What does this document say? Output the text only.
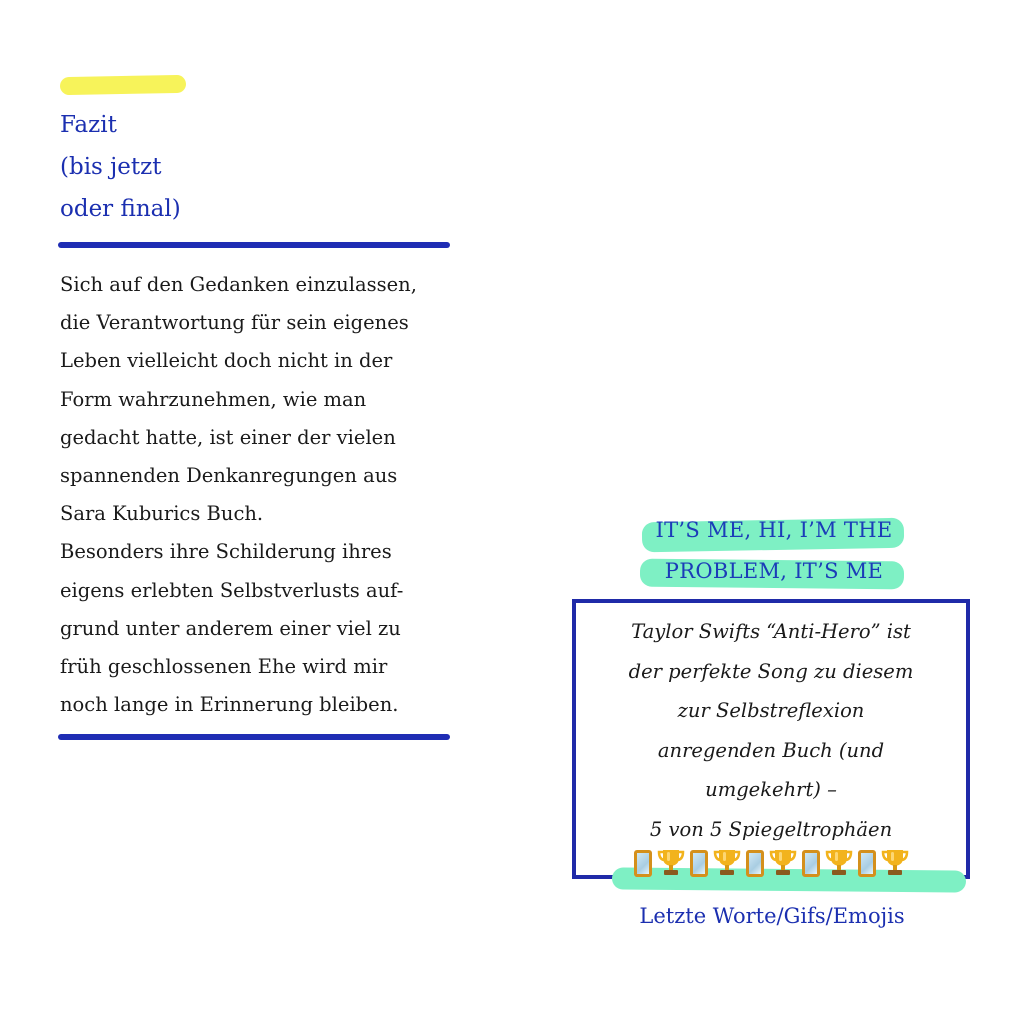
Fazit
(bis jetzt
oder final)
Sich auf den Gedanken einzulassen,
die Verantwortung für sein eigenes
Leben vielleicht doch nicht in der
Form wahrzunehmen, wie man
gedacht hatte, ist einer der vielen
spannenden Denkanregungen aus
Sara Kuburics Buch.
Besonders ihre Schilderung ihres
eigens erlebten Selbstverlusts auf-
grund unter anderem einer viel zu
früh geschlossenen Ehe wird mir
noch lange in Erinnerung bleiben.
IT’S ME, HI, I’M THE
PROBLEM, IT’S ME
Taylor Swifts “Anti-Hero” ist
der perfekte Song zu diesem
zur Selbstreflexion
anregenden Buch (und
umgekehrt) –
5 von 5 Spiegeltrophäen
Letzte Worte/Gifs/Emojis
